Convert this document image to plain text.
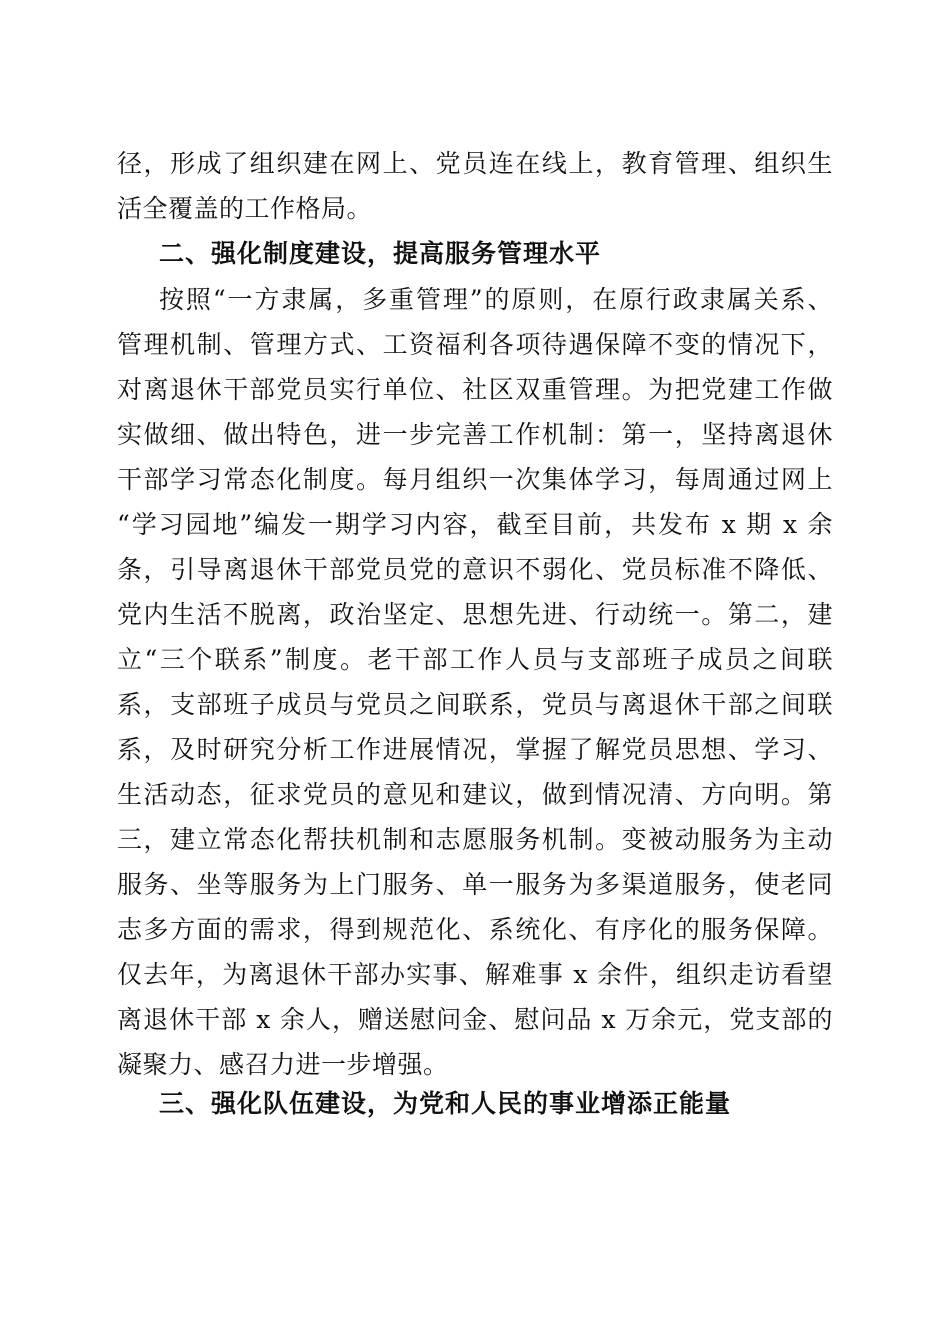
径，形成了组织建在网上、党员连在线上，教育管理、组织生
活全覆盖的工作格局。
二、强化制度建设，提高服务管理水平
按照“一方隶属，多重管理”的原则，在原行政隶属关系、
管理机制、管理方式、工资福利各项待遇保障不变的情况下，
对离退休干部党员实行单位、社区双重管理。为把党建工作做
实做细、做出特色，进一步完善工作机制：第一，坚持离退休
干部学习常态化制度。每月组织一次集体学习，每周通过网上
“学习园地”编发一期学习内容，截至目前，共发布 x 期 x 余
条，引导离退休干部党员党的意识不弱化、党员标准不降低、
党内生活不脱离，政治坚定、思想先进、行动统一。第二，建
立“三个联系”制度。老干部工作人员与支部班子成员之间联
系，支部班子成员与党员之间联系，党员与离退休干部之间联
系，及时研究分析工作进展情况，掌握了解党员思想、学习、
生活动态，征求党员的意见和建议，做到情况清、方向明。第
三，建立常态化帮扶机制和志愿服务机制。变被动服务为主动
服务、坐等服务为上门服务、单一服务为多渠道服务，使老同
志多方面的需求，得到规范化、系统化、有序化的服务保障。
仅去年，为离退休干部办实事、解难事 x 余件，组织走访看望
离退休干部 x 余人，赠送慰问金、慰问品 x 万余元，党支部的
凝聚力、感召力进一步增强。
三、强化队伍建设，为党和人民的事业增添正能量
